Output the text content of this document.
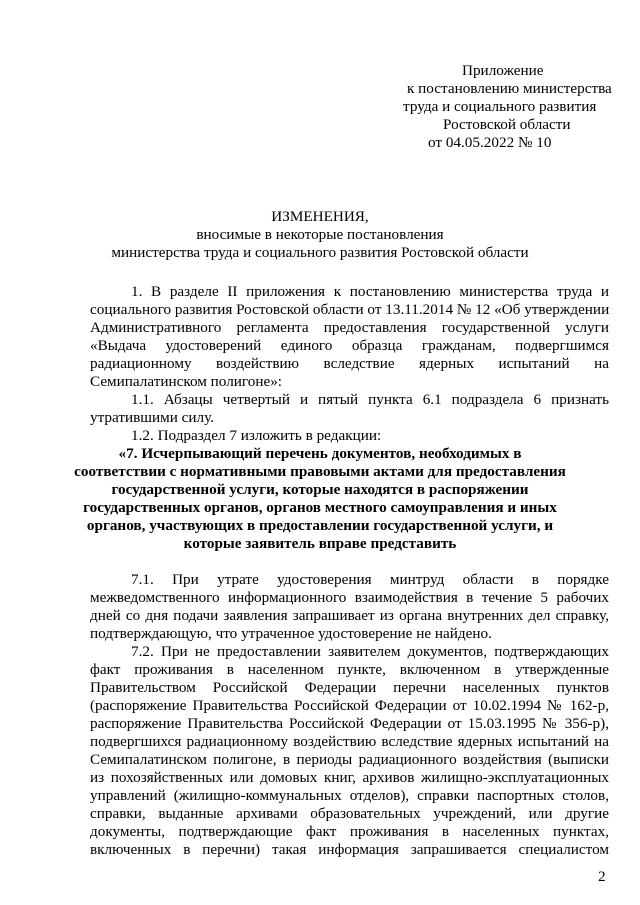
Приложение
к постановлению министерства
труда и социального развития
Ростовской области
от 04.05.2022 № 10
ИЗМЕНЕНИЯ,
вносимые в некоторые постановления
министерства труда и социального развития Ростовской области
1. В разделе II приложения к постановлению министерства труда и
социального развития Ростовской области от 13.11.2014 № 12 «Об утверждении
Административного регламента предоставления государственной услуги
«Выдача удостоверений единого образца гражданам, подвергшимся
радиационному воздействию вследствие ядерных испытаний на
Семипалатинском полигоне»:
1.1. Абзацы четвертый и пятый пункта 6.1 подраздела 6 признать
утратившими силу.
1.2. Подраздел 7 изложить в редакции:
«7. Исчерпывающий перечень документов, необходимых в
соответствии с нормативными правовыми актами для предоставления
государственной услуги, которые находятся в распоряжении
государственных органов, органов местного самоуправления и иных
органов, участвующих в предоставлении государственной услуги, и
которые заявитель вправе представить
7.1. При утрате удостоверения минтруд области в порядке
межведомственного информационного взаимодействия в течение 5 рабочих
дней со дня подачи заявления запрашивает из органа внутренних дел справку,
подтверждающую, что утраченное удостоверение не найдено.
7.2. При не предоставлении заявителем документов, подтверждающих
факт проживания в населенном пункте, включенном в утвержденные
Правительством Российской Федерации перечни населенных пунктов
(распоряжение Правительства Российской Федерации от 10.02.1994 № 162-р,
распоряжение Правительства Российской Федерации от 15.03.1995 № 356-р),
подвергшихся радиационному воздействию вследствие ядерных испытаний на
Семипалатинском полигоне, в периоды радиационного воздействия (выписки
из похозяйственных или домовых книг, архивов жилищно-эксплуатационных
управлений (жилищно-коммунальных отделов), справки паспортных столов,
справки, выданные архивами образовательных учреждений, или другие
документы, подтверждающие факт проживания в населенных пунктах,
включенных в перечни) такая информация запрашивается специалистом
2
